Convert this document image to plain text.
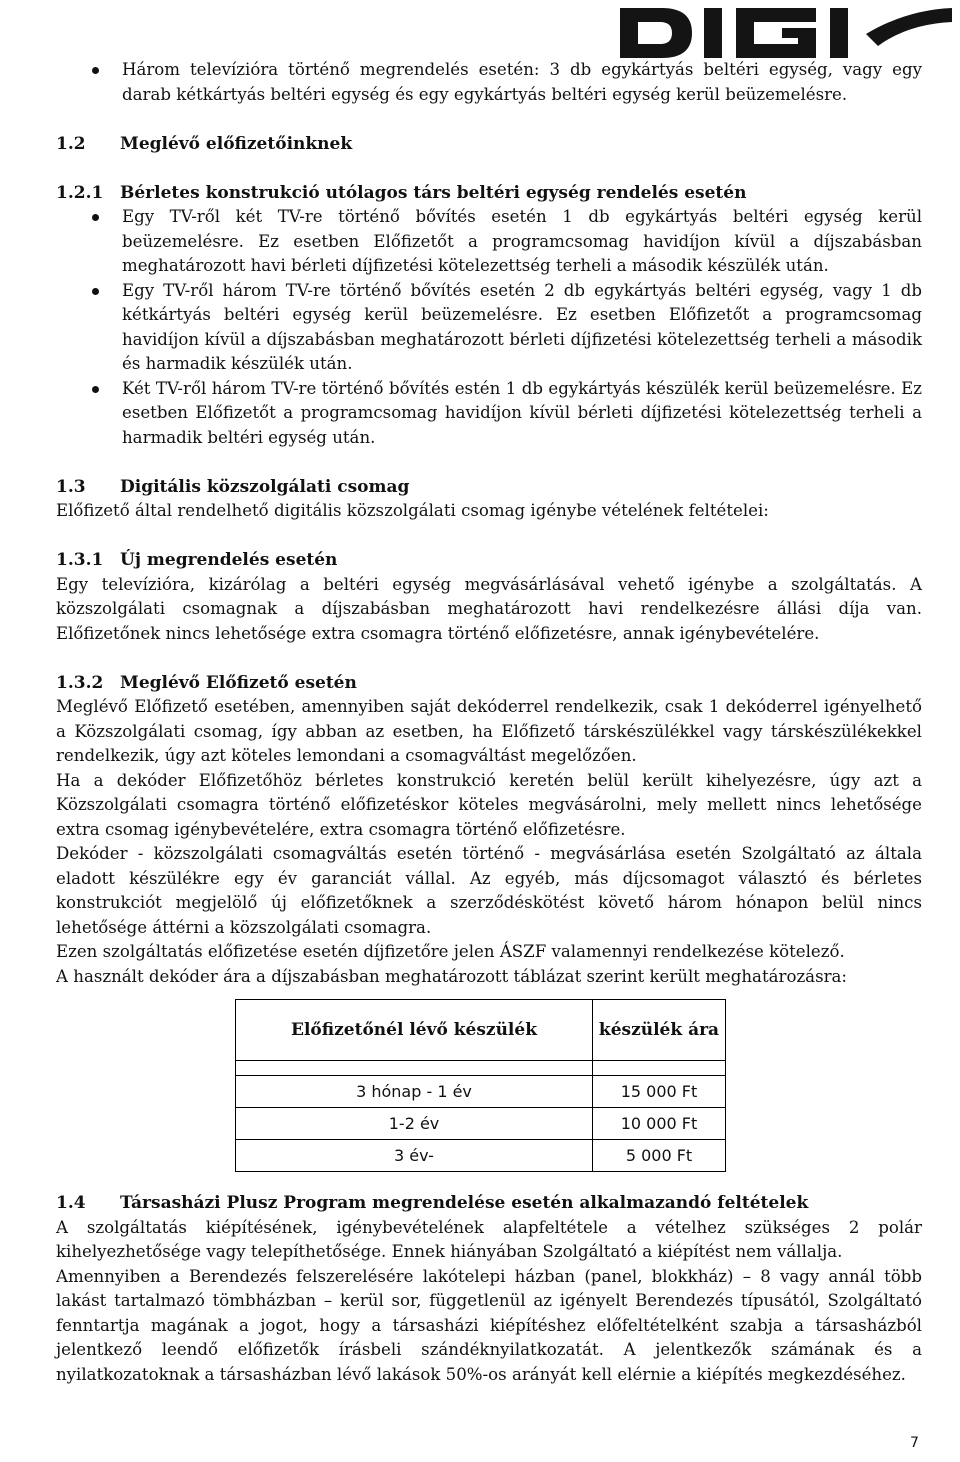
Készítés időpontja:	2006. január 30.
Utolsó módosítás időpontja:	2014. október 31.

Három televízióra történő megrendelés esetén: 3 db egykártyás beltéri egység, vagy egy darab kétkártyás beltéri egység és egy egykártyás beltéri egység kerül beüzemelésre.

1.2 Meglévő előfizetőinknek

1.2.1 Bérletes konstrukció utólagos társ beltéri egység rendelés esetén

Egy TV-ről két TV-re történő bővítés esetén 1 db egykártyás beltéri egység kerül beüzemelésre. Ez esetben Előfizetőt a programcsomag havidíjon kívül a díjszabásban meghatározott havi bérleti díjfizetési kötelezettség terheli a második készülék után.

Egy TV-ről három TV-re történő bővítés esetén 2 db egykártyás beltéri egység, vagy 1 db kétkártyás beltéri egység kerül beüzemelésre. Ez esetben Előfizetőt a programcsomag havidíjon kívül a díjszabásban meghatározott bérleti díjfizetési kötelezettség terheli a második és harmadik készülék után.

Két TV-ről három TV-re történő bővítés estén 1 db egykártyás készülék kerül beüzemelésre. Ez esetben Előfizetőt a programcsomag havidíjon kívül bérleti díjfizetési kötelezettség terheli a harmadik beltéri egység után.

1.3 Digitális közszolgálati csomag

Előfizető által rendelhető digitális közszolgálati csomag igénybe vételének feltételei:

1.3.1 Új megrendelés esetén

Egy televízióra, kizárólag a beltéri egység megvásárlásával vehető igénybe a szolgáltatás. A közszolgálati csomagnak a díjszabásban meghatározott havi rendelkezésre állási díja van. Előfizetőnek nincs lehetősége extra csomagra történő előfizetésre, annak igénybevételére.

1.3.2 Meglévő Előfizető esetén

Meglévő Előfizető esetében, amennyiben saját dekóderrel rendelkezik, csak 1 dekóderrel igényelhető a Közszolgálati csomag, így abban az esetben, ha Előfizető társkészülékkel vagy társkészülékekkel rendelkezik, úgy azt köteles lemondani a csomagváltást megelőzően.

Ha a dekóder Előfizetőhöz bérletes konstrukció keretén belül került kihelyezésre, úgy azt a Közszolgálati csomagra történő előfizetéskor köteles megvásárolni, mely mellett nincs lehetősége extra csomag igénybevételére, extra csomagra történő előfizetésre.

Dekóder - közszolgálati csomagváltás esetén történő - megvásárlása esetén Szolgáltató az általa eladott készülékre egy év garanciát vállal. Az egyéb, más díjcsomagot választó és bérletes konstrukciót megjelölő új előfizetőknek a szerződéskötést követő három hónapon belül nincs lehetősége áttérni a közszolgálati csomagra.

Ezen szolgáltatás előfizetése esetén díjfizetőre jelen ÁSZF valamennyi rendelkezése kötelező.

A használt dekóder ára a díjszabásban meghatározott táblázat szerint került meghatározásra:

1.4 Társasházi Plusz Program megrendelése esetén alkalmazandó feltételek

A szolgáltatás kiépítésének, igénybevételének alapfeltétele a vételhez szükséges 2 polár kihelyezhetősége vagy telepíthetősége. Ennek hiányában Szolgáltató a kiépítést nem vállalja.

Amennyiben a Berendezés felszerelésére lakótelepi házban (panel, blokkház) – 8 vagy annál több lakást tartalmazó tömbházban – kerül sor, függetlenül az igényelt Berendezés típusától, Szolgáltató fenntartja magának a jogot, hogy a társasházi kiépítéshez előfeltételként szabja a társasházból jelentkező leendő előfizetők írásbeli szándéknyilatkozatát. A jelentkezők számának és a nyilatkozatoknak a társasházban lévő lakások 50%-os arányát kell elérnie a kiépítés megkezdéséhez.

Előfizetőnél lévő készülék	készülék ára

3 hónap - 1 év	15 000 Ft
1-2 év	10 000 Ft
3 év-	5 000 Ft
7
